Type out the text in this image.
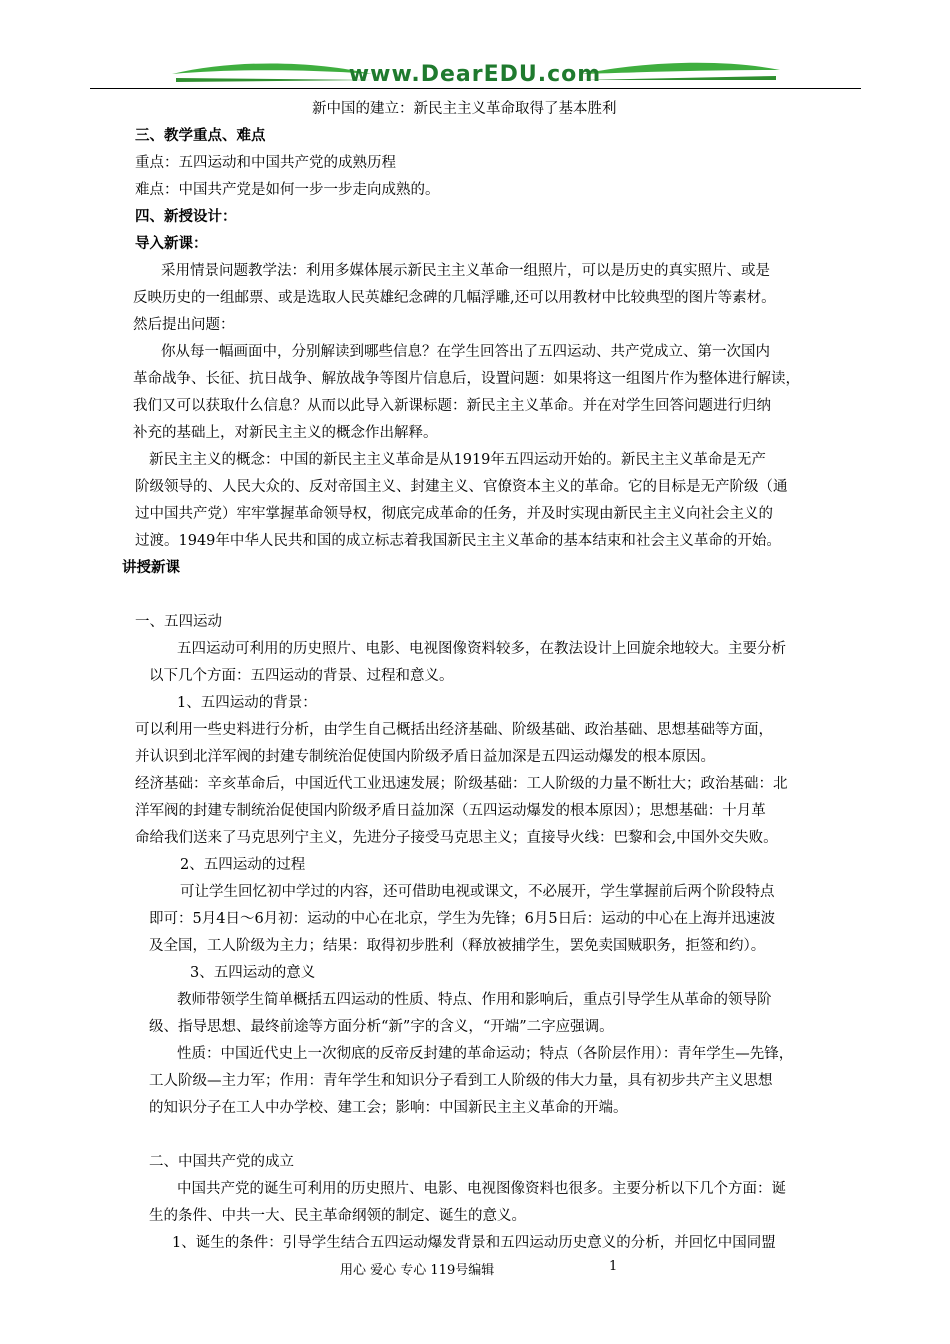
www.DearEDU.com
新中国的建立：新民主主义革命取得了基本胜利
三、教学重点、难点
重点：五四运动和中国共产党的成熟历程
难点：中国共产党是如何一步一步走向成熟的。
四、新授设计：
导入新课：
采用情景问题教学法：利用多媒体展示新民主主义革命一组照片，可以是历史的真实照片、或是
反映历史的一组邮票、或是选取人民英雄纪念碑的几幅浮雕,还可以用教材中比较典型的图片等素材。
然后提出问题：
你从每一幅画面中，分别解读到哪些信息？在学生回答出了五四运动、共产党成立、第一次国内
革命战争、长征、抗日战争、解放战争等图片信息后，设置问题：如果将这一组图片作为整体进行解读，
我们又可以获取什么信息？从而以此导入新课标题：新民主主义革命。并在对学生回答问题进行归纳
补充的基础上，对新民主主义的概念作出解释。
新民主主义的概念：中国的新民主主义革命是从1919年五四运动开始的。新民主主义革命是无产
阶级领导的、人民大众的、反对帝国主义、封建主义、官僚资本主义的革命。它的目标是无产阶级（通
过中国共产党）牢牢掌握革命领导权，彻底完成革命的任务，并及时实现由新民主主义向社会主义的
过渡。1949年中华人民共和国的成立标志着我国新民主主义革命的基本结束和社会主义革命的开始。
讲授新课
一、五四运动
五四运动可利用的历史照片、电影、电视图像资料较多，在教法设计上回旋余地较大。主要分析
以下几个方面：五四运动的背景、过程和意义。
1、五四运动的背景：
可以利用一些史料进行分析，由学生自己概括出经济基础、阶级基础、政治基础、思想基础等方面，
并认识到北洋军阀的封建专制统治促使国内阶级矛盾日益加深是五四运动爆发的根本原因。
经济基础：辛亥革命后，中国近代工业迅速发展；阶级基础：工人阶级的力量不断壮大；政治基础：北
洋军阀的封建专制统治促使国内阶级矛盾日益加深（五四运动爆发的根本原因）；思想基础：十月革
命给我们送来了马克思列宁主义，先进分子接受马克思主义；直接导火线：巴黎和会,中国外交失败。
2、五四运动的过程
可让学生回忆初中学过的内容，还可借助电视或课文，不必展开，学生掌握前后两个阶段特点
即可：5月4日～6月初：运动的中心在北京，学生为先锋；6月5日后：运动的中心在上海并迅速波
及全国，工人阶级为主力；结果：取得初步胜利（释放被捕学生，罢免卖国贼职务，拒签和约）。
3、五四运动的意义
教师带领学生简单概括五四运动的性质、特点、作用和影响后，重点引导学生从革命的领导阶
级、指导思想、最终前途等方面分析“新”字的含义，“开端”二字应强调。
性质：中国近代史上一次彻底的反帝反封建的革命运动；特点（各阶层作用）：青年学生—先锋，
工人阶级—主力军；作用：青年学生和知识分子看到工人阶级的伟大力量，具有初步共产主义思想
的知识分子在工人中办学校、建工会；影响：中国新民主主义革命的开端。
二、中国共产党的成立
中国共产党的诞生可利用的历史照片、电影、电视图像资料也很多。主要分析以下几个方面：诞
生的条件、中共一大、民主革命纲领的制定、诞生的意义。
1、诞生的条件：引导学生结合五四运动爆发背景和五四运动历史意义的分析，并回忆中国同盟
用心 爱心 专心 119号编辑	1
